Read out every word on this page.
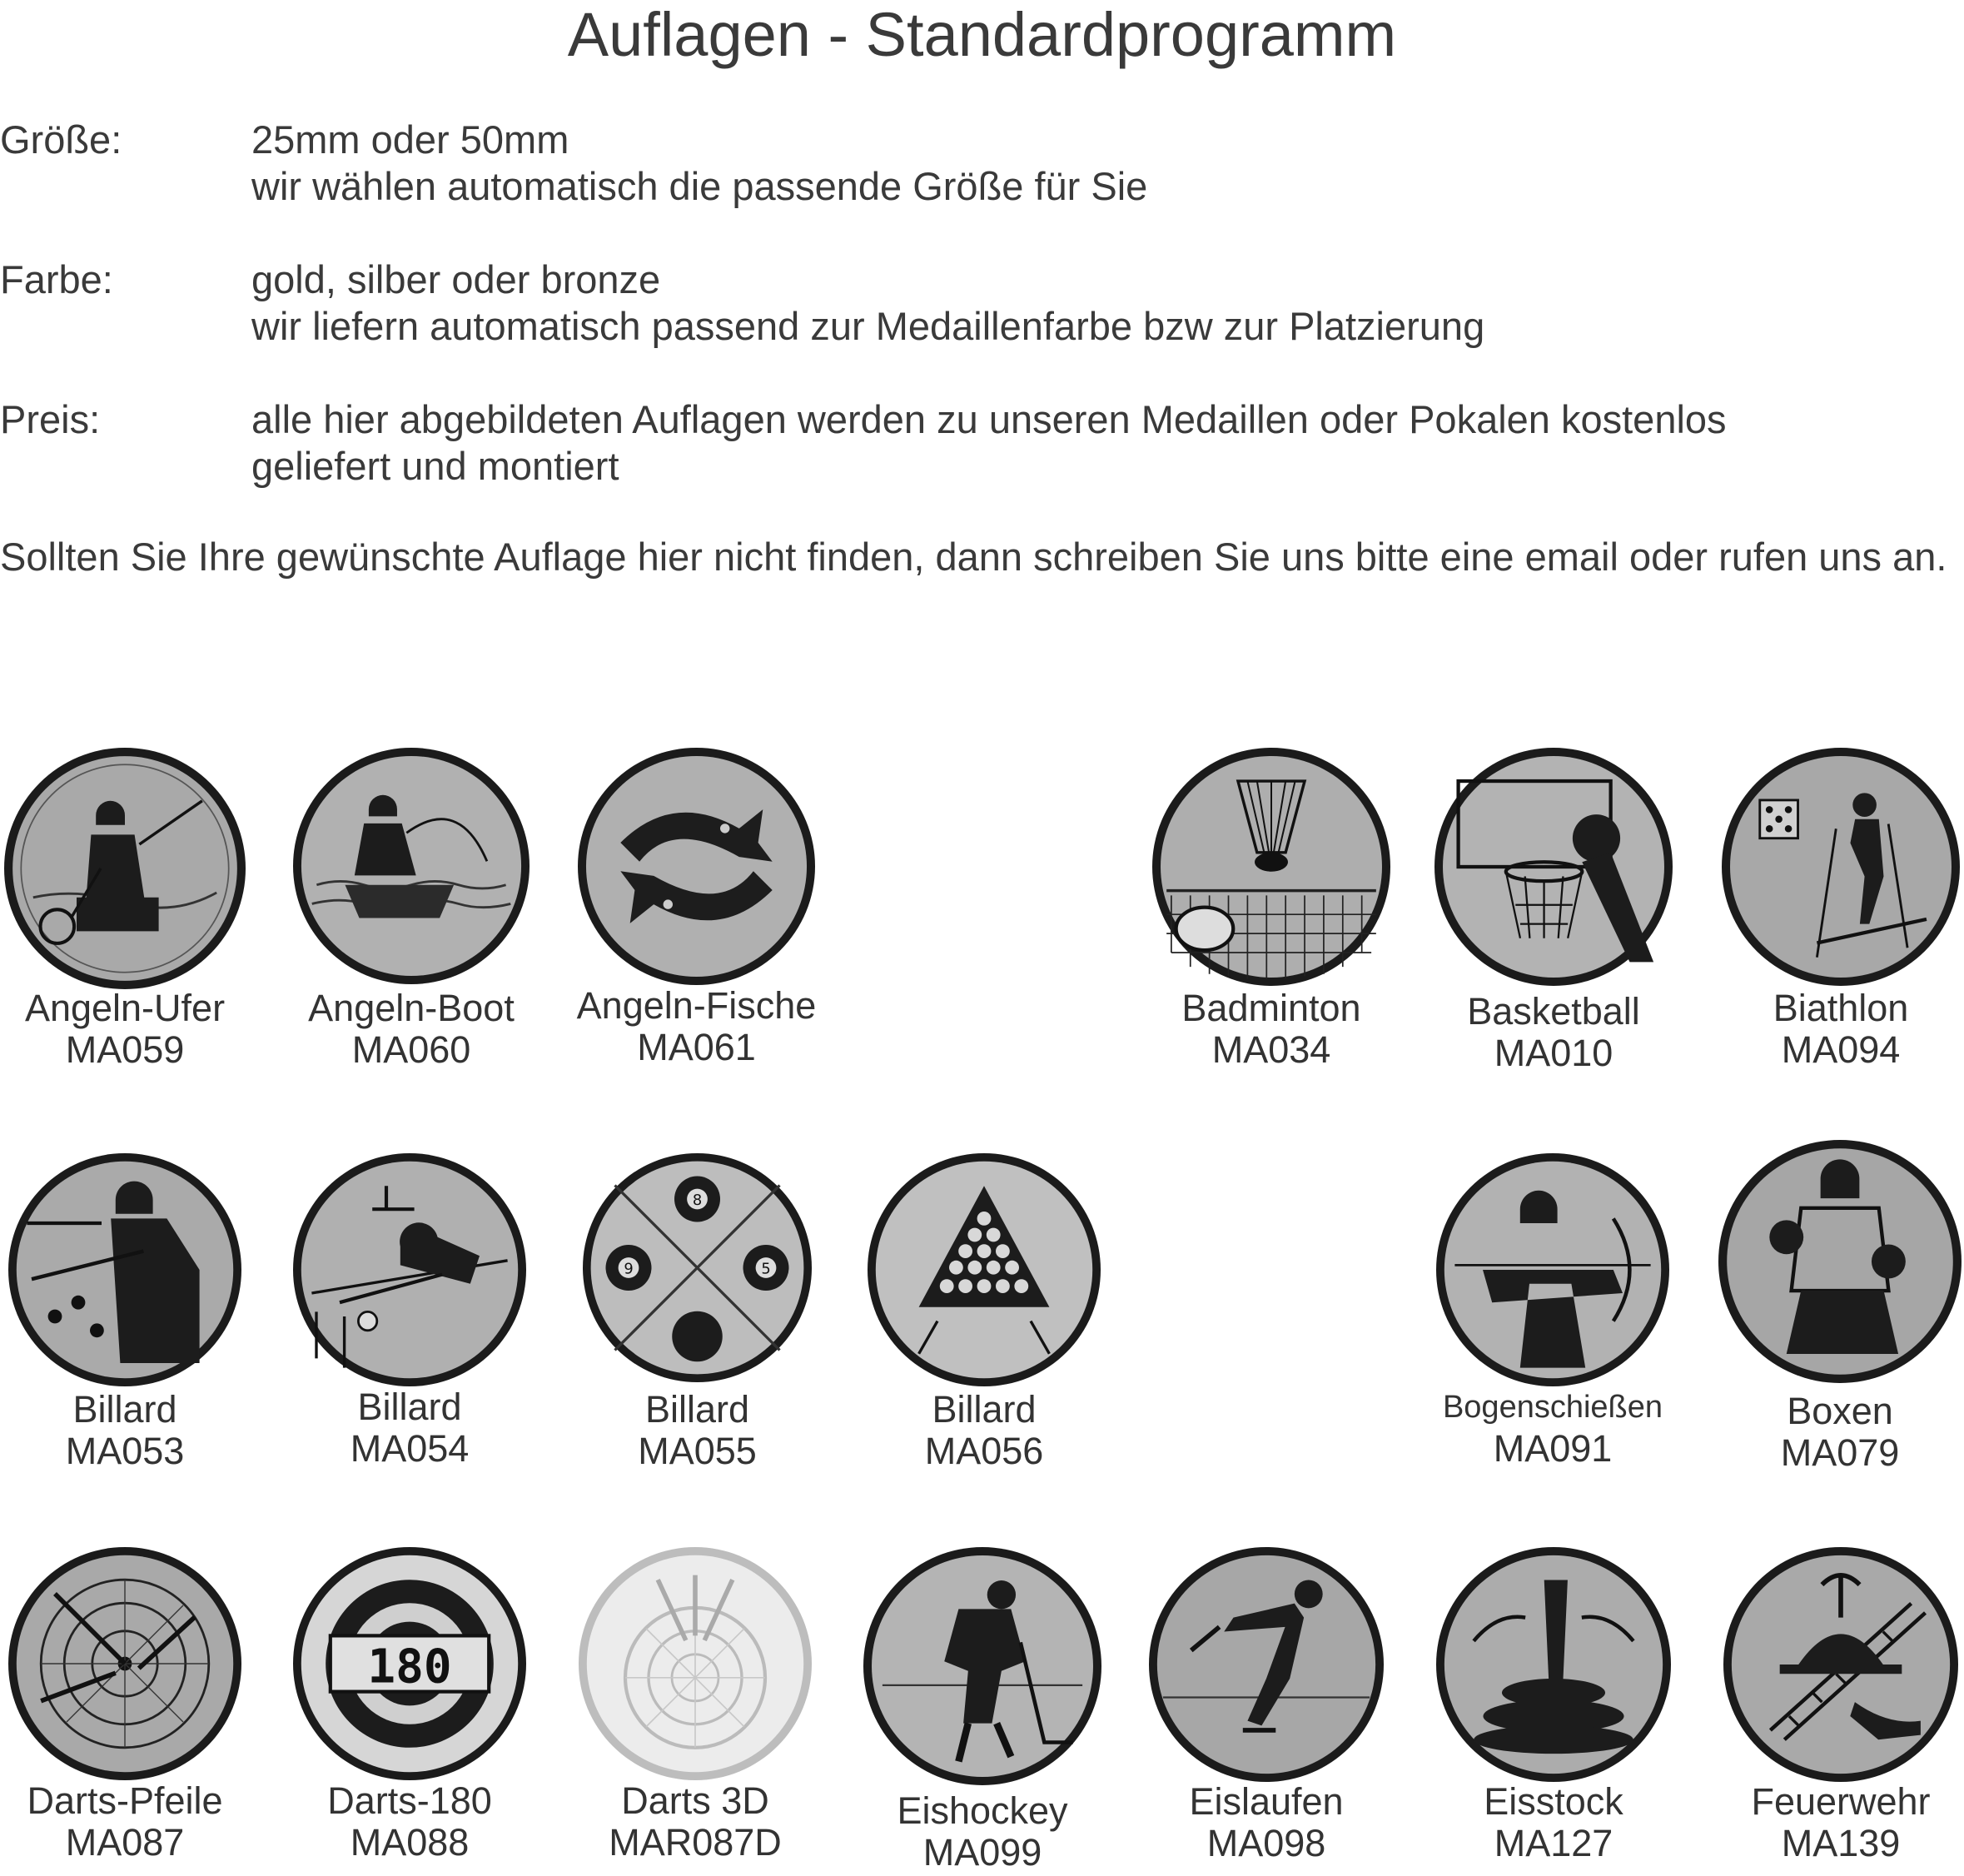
Auflagen - Standardprogramm
Größe:	25mm oder 50mm
wir wählen automatisch die passende Größe für Sie
Farbe:	gold, silber oder bronze
wir liefern automatisch passend zur Medaillenfarbe bzw zur Platzierung
Preis:	alle hier abgebildeten Auflagen werden zu unseren Medaillen oder Pokalen kostenlos
geliefert und montiert
Sollten Sie Ihre gewünschte Auflage hier nicht finden, dann schreiben Sie uns bitte eine email oder rufen uns an.
Angeln-Ufer
MA059
Angeln-Boot
MA060
Angeln-Fische
MA061
Badminton
MA034
Basketball
MA010
Biathlon
MA094
Billard
MA053
Billard
MA054
8
9	5
Billard
MA055
Billard
MA056
Bogenschießen
MA091
Boxen
MA079
Darts-Pfeile
MA087
180
Darts-180
MA088
Darts 3D
MAR087D
Eishockey
MA099
Eislaufen
MA098
Eisstock
MA127
Feuerwehr
MA139
